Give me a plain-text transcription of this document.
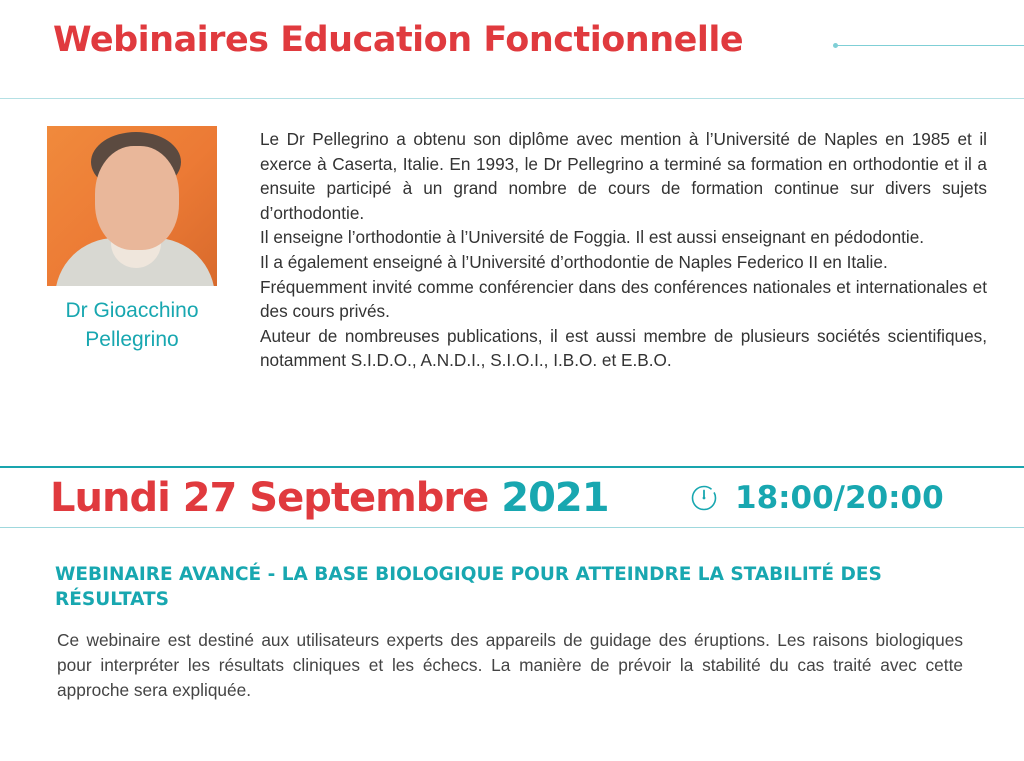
Webinaires Education Fonctionnelle
Dr Gioacchino
Pellegrino

Le Dr Pellegrino a obtenu son diplôme avec mention à l’Université de Naples en 1985 et il exerce à Caserta, Italie. En 1993, le Dr Pellegrino a terminé sa formation en orthodontie et il a ensuite participé à un grand nombre de cours de formation continue sur divers sujets d’orthodontie.

Il enseigne l’orthodontie à l’Université de Foggia. Il est aussi enseignant en pédodontie.

Il a également enseigné à l’Université d’orthodontie de Naples Federico II en Italie.

Fréquemment invité comme conférencier dans des conférences nationales et internationales et des cours privés.

Auteur de nombreuses publications, il est aussi membre de plusieurs sociétés scientifiques, notamment S.I.D.O., A.N.D.I., S.I.O.I., I.B.O. et E.B.O.

Lundi 27 Septembre 2021	18:00/20:00
WEBINAIRE AVANCÉ - LA BASE BIOLOGIQUE POUR ATTEINDRE LA STABILITÉ DES RÉSULTATS

Ce webinaire est destiné aux utilisateurs experts des appareils de guidage des éruptions. Les raisons biologiques pour interpréter les résultats cliniques et les échecs. La manière de prévoir la stabilité du cas traité avec cette approche sera expliquée.
